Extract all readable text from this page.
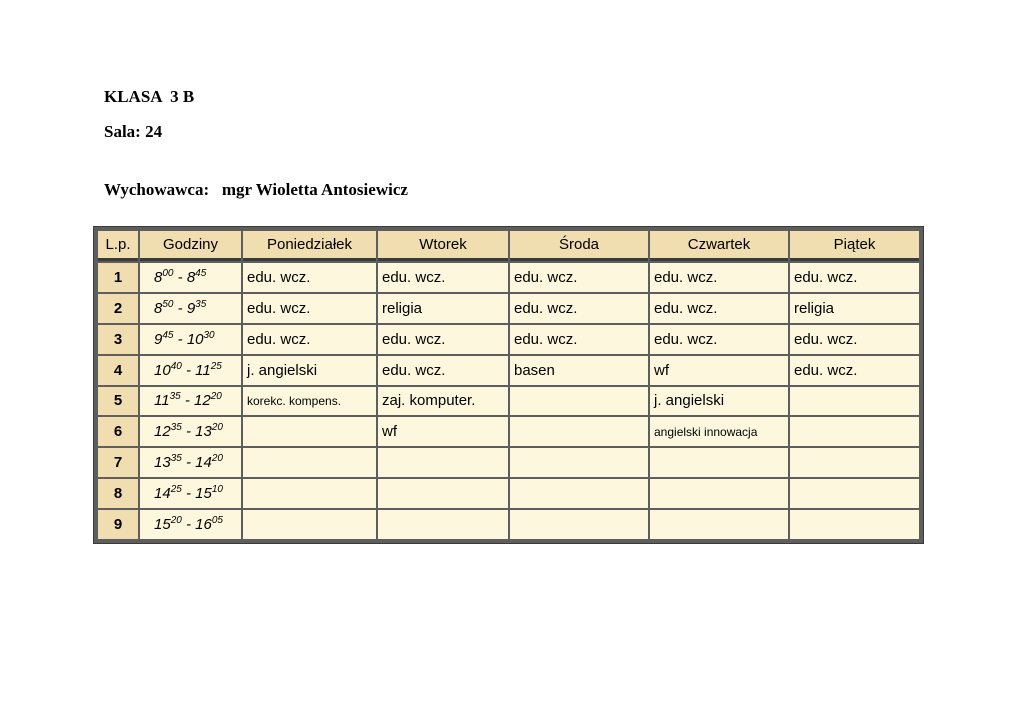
KLASA  3 B
Sala: 24
Wychowawca:   mgr Wioletta Antosiewicz
L.p.	Godziny	Poniedziałek	Wtorek	Środa	Czwartek	Piątek
1	$8^{00} - 8^{45}$	edu. wcz.	edu. wcz.	edu. wcz.	edu. wcz.	edu. wcz.
2	$8^{50} - 9^{35}$	edu. wcz.	religia	edu. wcz.	edu. wcz.	religia
3	$9^{45} - 10^{30}$	edu. wcz.	edu. wcz.	edu. wcz.	edu. wcz.	edu. wcz.
4	$10^{40} - 11^{25}$	j. angielski	edu. wcz.	basen	wf	edu. wcz.
5	$11^{35} - 12^{20}$	korekc. kompens.	zaj. komputer.		j. angielski	
6	$12^{35} - 13^{20}$		wf		angielski innowacja	
7	$13^{35} - 14^{20}$					
8	$14^{25} - 15^{10}$					
9	$15^{20} - 16^{05}$					
